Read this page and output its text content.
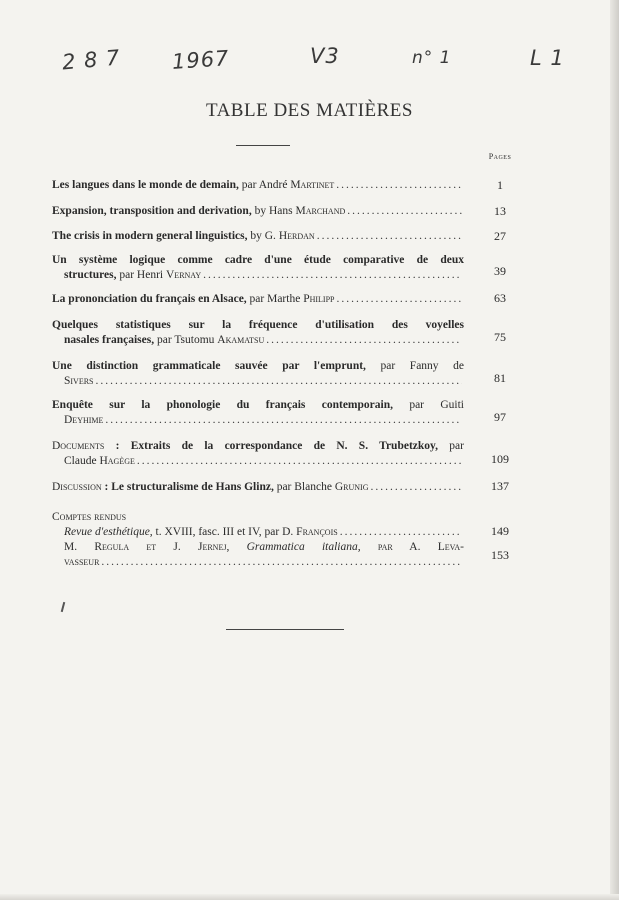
2 8 7 1967	V3	n° 1	L 1
TABLE DES MATIÈRES
Pages
Les langues dans le monde de demain, par André Martinet .....	1
Expansion, transposition and derivation, by Hans Marchand .....	13
The crisis in modern general linguistics, by G. Herdan .....	27
Un système logique comme cadre d'une étude comparative de deux
structures, par Henri Vernay .....	39
La prononciation du français en Alsace, par Marthe Philipp .....	63
Quelques statistiques sur la fréquence d'utilisation des voyelles
nasales françaises, par Tsutomu Akamatsu .....	75
Une distinction grammaticale sauvée par l'emprunt, par Fanny de
Sivers .....	81
Enquête sur la phonologie du français contemporain, par Guiti
Deyhime .....	97
Documents : Extraits de la correspondance de N. S. Trubetzkoy, par
Claude Hagège .....	109
Discussion : Le structuralisme de Hans Glinz, par Blanche Grunig .....	137
Comptes rendus
Revue d'esthétique, t. XVIII, fasc. III et IV, par D. François .....	149
M. Regula et J. Jernej, Grammatica italiana, par A. Leva-
vasseur .....	153
